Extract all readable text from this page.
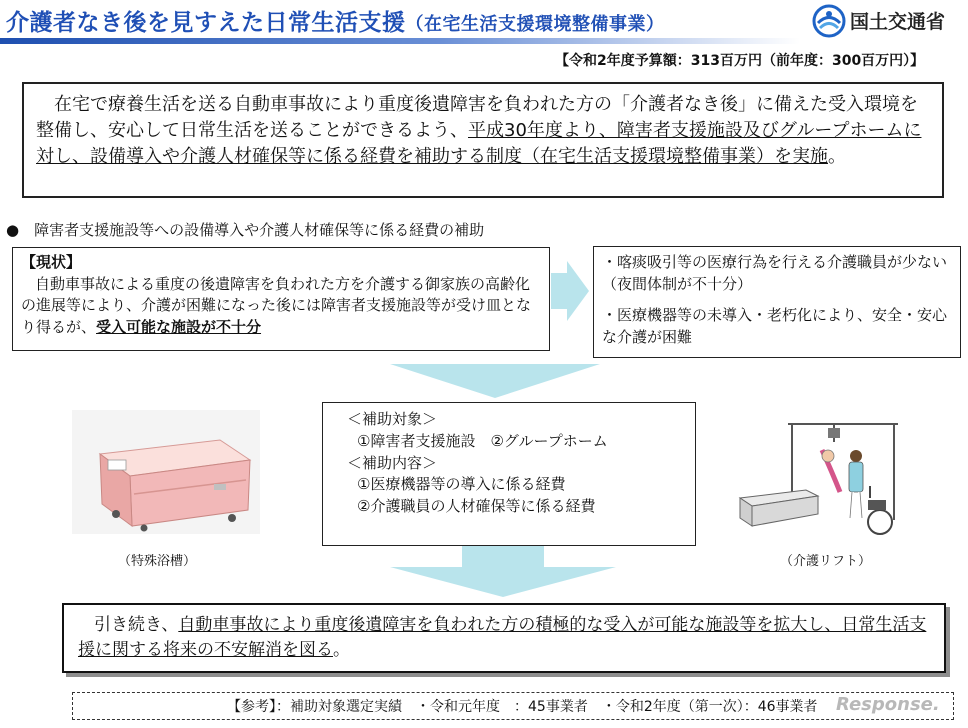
介護者なき後を見すえた日常生活支援（在宅生活支援環境整備事業）	国土交通省
【令和2年度予算額：313百万円（前年度：300百万円）】

在宅で療養生活を送る自動車事故により重度後遺障害を負われた方の「介護者なき後」に備えた受入環境を整備し、安心して日常生活を送ることができるよう、平成30年度より、障害者支援施設及びグループホームに対し、設備導入や介護人材確保等に係る経費を補助する制度（在宅生活支援環境整備事業）を実施。

●　 障害者支援施設等への設備導入や介護人材確保等に係る経費の補助
【現状】

自動車事故による重度の後遺障害を負われた方を介護する御家族の高齢化の進展等により、介護が困難になった後には障害者支援施設等が受け皿となり得るが、受入可能な施設が不十分

・喀痰吸引等の医療行為を行える介護職員が少ない（夜間体制が不十分）

・医療機器等の未導入・老朽化により、安全・安心な介護が困難

＜補助対象＞
①障害者支援施設　②グループホーム
＜補助内容＞
①医療機器等の導入に係る経費
②介護職員の人材確保等に係る経費
（特殊浴槽）	（介護リフト）

引き続き、自動車事故により重度後遺障害を負われた方の積極的な受入が可能な施設等を拡大し、日常生活支援に関する将来の不安解消を図る。

【参考】：補助対象選定実績　・令和元年度　：45事業者　・令和2年度（第一次）：46事業者	Response.
